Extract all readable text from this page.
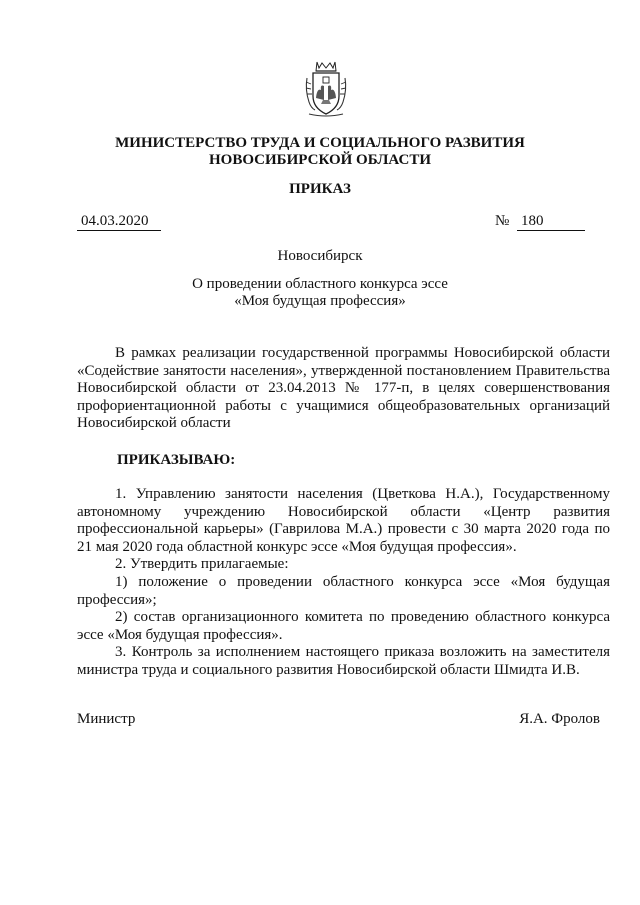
МИНИСТЕРСТВО ТРУДА И СОЦИАЛЬНОГО РАЗВИТИЯ
НОВОСИБИРСКОЙ ОБЛАСТИ
ПРИКАЗ
04.03.2020	№ 180
Новосибирск
О проведении областного конкурса эссе
«Моя будущая профессия»

В рамках реализации государственной программы Новосибирской области «Содействие занятости населения», утвержденной постановлением Правительства Новосибирской области от 23.04.2013 № 177-п, в целях совершенствования профориентационной работы с учащимися общеобразовательных организаций Новосибирской области

ПРИКАЗЫВАЮ:

1. Управлению занятости населения (Цветкова Н.А.), Государственному автономному учреждению Новосибирской области «Центр развития профессиональной карьеры» (Гаврилова М.А.) провести с 30 марта 2020 года по 21 мая 2020 года областной конкурс эссе «Моя будущая профессия».

2. Утвердить прилагаемые:

1) положение о проведении областного конкурса эссе «Моя будущая профессия»;

2) состав организационного комитета по проведению областного конкурса эссе «Моя будущая профессия».

3. Контроль за исполнением настоящего приказа возложить на заместителя министра труда и социального развития Новосибирской области Шмидта И.В.

Министр	Я.А. Фролов
